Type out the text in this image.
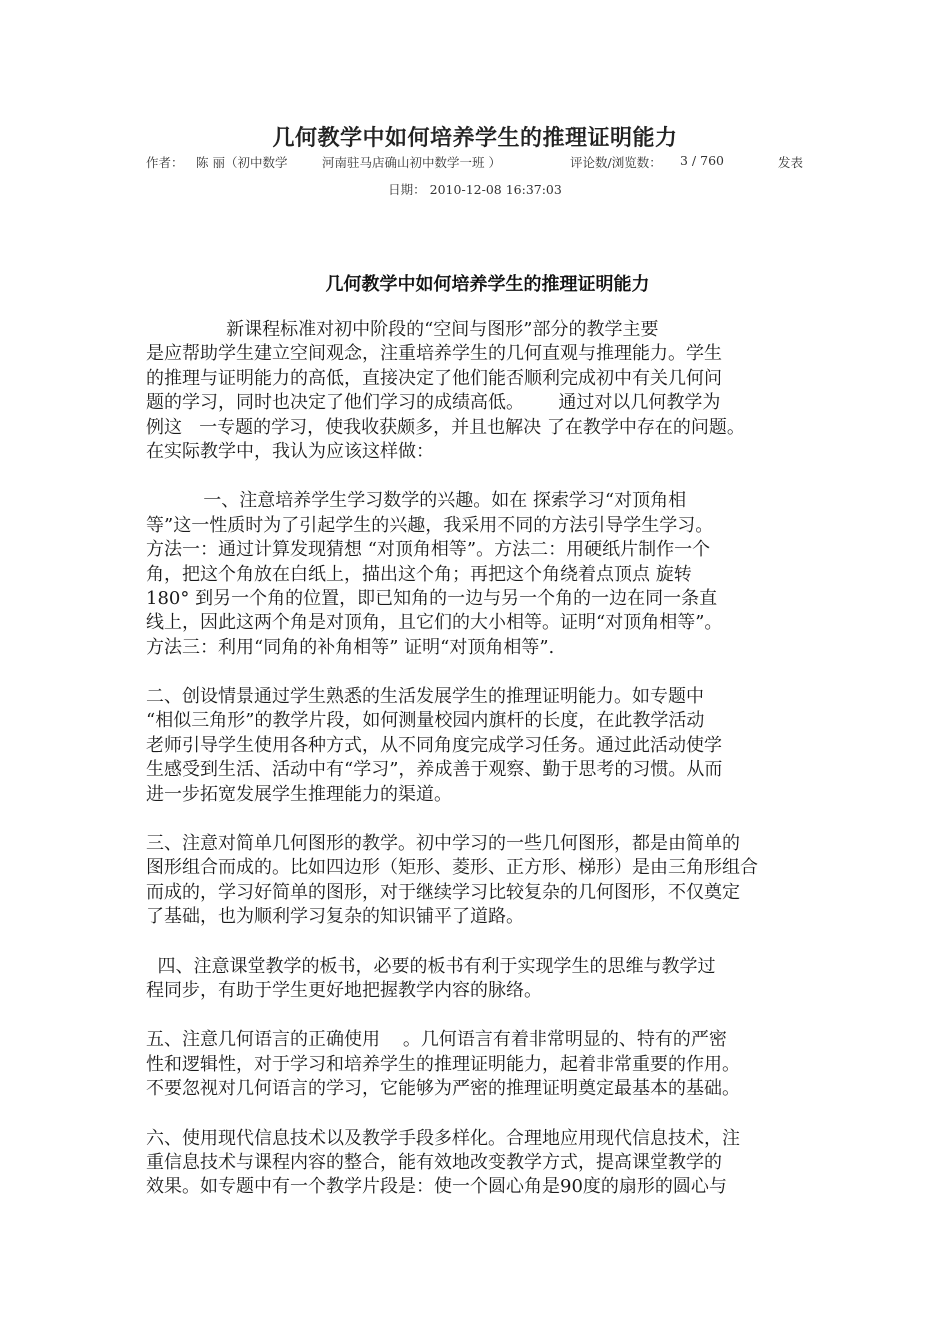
几何教学中如何培养学生的推理证明能力
作者： 陈 丽（初中数学	河南驻马店确山初中数学一班 ）	评论数/浏览数： 3 / 760	发表
日期： 2010-12-08 16:37:03
几何教学中如何培养学生的推理证明能力
新课程标准对初中阶段的“空间与图形”部分的教学主要
是应帮助学生建立空间观念，注重培养学生的几何直观与推理能力。学生
的推理与证明能力的高低，直接决定了他们能否顺利完成初中有关几何问
题的学习，同时也决定了他们学习的成绩高低。      通过对以几何教学为
例这   一专题的学习，使我收获颇多，并且也解决 了在教学中存在的问题。
在实际教学中，我认为应该这样做：
一、注意培养学生学习数学的兴趣。如在 探索学习“对顶角相
等”这一性质时为了引起学生的兴趣，我采用不同的方法引导学生学习。
方法一：通过计算发现猜想 “对顶角相等”。方法二：用硬纸片制作一个
角，把这个角放在白纸上，描出这个角；再把这个角绕着点顶点 旋转
180° 到另一个角的位置，即已知角的一边与另一个角的一边在同一条直
线上，因此这两个角是对顶角，且它们的大小相等。证明“对顶角相等”。
方法三：利用“同角的补角相等” 证明“对顶角相等”.
二、创设情景通过学生熟悉的生活发展学生的推理证明能力。如专题中
“相似三角形”的教学片段，如何测量校园内旗杆的长度，在此教学活动
老师引导学生使用各种方式，从不同角度完成学习任务。通过此活动使学
生感受到生活、活动中有“学习”，养成善于观察、勤于思考的习惯。从而
进一步拓宽发展学生推理能力的渠道。
三、注意对简单几何图形的教学。初中学习的一些几何图形，都是由简单的
图形组合而成的。比如四边形（矩形、菱形、正方形、梯形）是由三角形组合
而成的，学习好简单的图形，对于继续学习比较复杂的几何图形，不仅奠定
了基础，也为顺利学习复杂的知识铺平了道路。
四、注意课堂教学的板书，必要的板书有利于实现学生的思维与教学过
程同步，有助于学生更好地把握教学内容的脉络。
五、注意几何语言的正确使用    。几何语言有着非常明显的、特有的严密
性和逻辑性，对于学习和培养学生的推理证明能力，起着非常重要的作用。
不要忽视对几何语言的学习，它能够为严密的推理证明奠定最基本的基础。
六、使用现代信息技术以及教学手段多样化。合理地应用现代信息技术，注
重信息技术与课程内容的整合，能有效地改变教学方式，提高课堂教学的
效果。如专题中有一个教学片段是：使一个圆心角是90度的扇形的圆心与
